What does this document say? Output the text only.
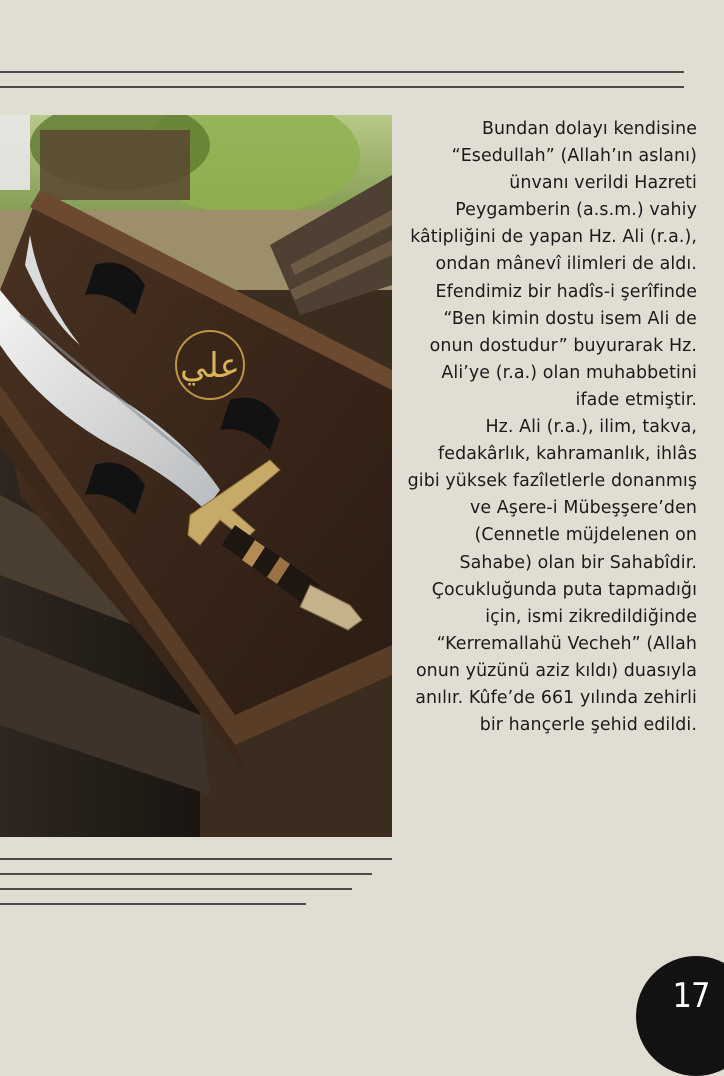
علي

Bundan dolayı kendisine “Esedullah” (Allah’ın aslanı) ünvanı verildi Hazreti Peygamberin (a.s.m.) vahiy kâtipliğini de yapan Hz. Ali (r.a.), ondan mânevî ilimleri de aldı. Efendimiz bir hadîs-i şerîfinde “Ben kimin dostu isem Ali de onun dostudur” buyurarak Hz. Ali’ye (r.a.) olan muhabbetini ifade etmiştir.

Hz. Ali (r.a.), ilim, takva, fedakârlık, kahramanlık, ihlâs gibi yüksek fazîletlerle donanmış ve Aşere-i Mübeşşere’den (Cennetle müjdelenen on Sahabe) olan bir Sahabîdir. Çocukluğunda puta tapmadığı için, ismi zikredildiğinde “Kerremallahü Vecheh” (Allah onun yüzünü aziz kıldı) duasıyla anılır. Kûfe’de 661 yılında zehirli bir hançerle şehid edildi.

17
